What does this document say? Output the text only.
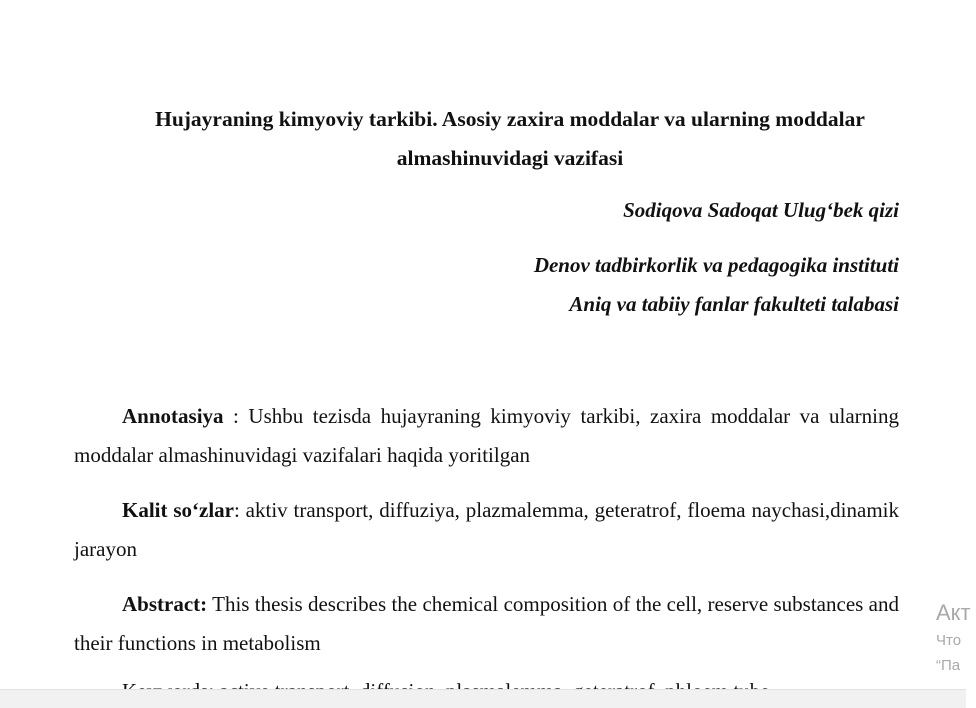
Hujayraning kimyoviy tarkibi. Asosiy zaxira moddalar va ularning moddalar
almashinuvidagi vazifasi
Sodiqova Sadoqat Ulug‘bek qizi
Denov tadbirkorlik va pedagogika instituti
Aniq va tabiiy fanlar fakulteti talabasi

Annotasiya : Ushbu tezisda hujayraning kimyoviy tarkibi, zaxira moddalar va ularning moddalar almashinuvidagi vazifalari haqida yoritilgan

Kalit so‘zlar: aktiv transport, diffuziya, plazmalemma, geteratrof, floema naychasi,dinamik jarayon

Abstract: This thesis describes the chemical composition of the cell, reserve substances and their functions in metabolism

Акт
Что
“Па
